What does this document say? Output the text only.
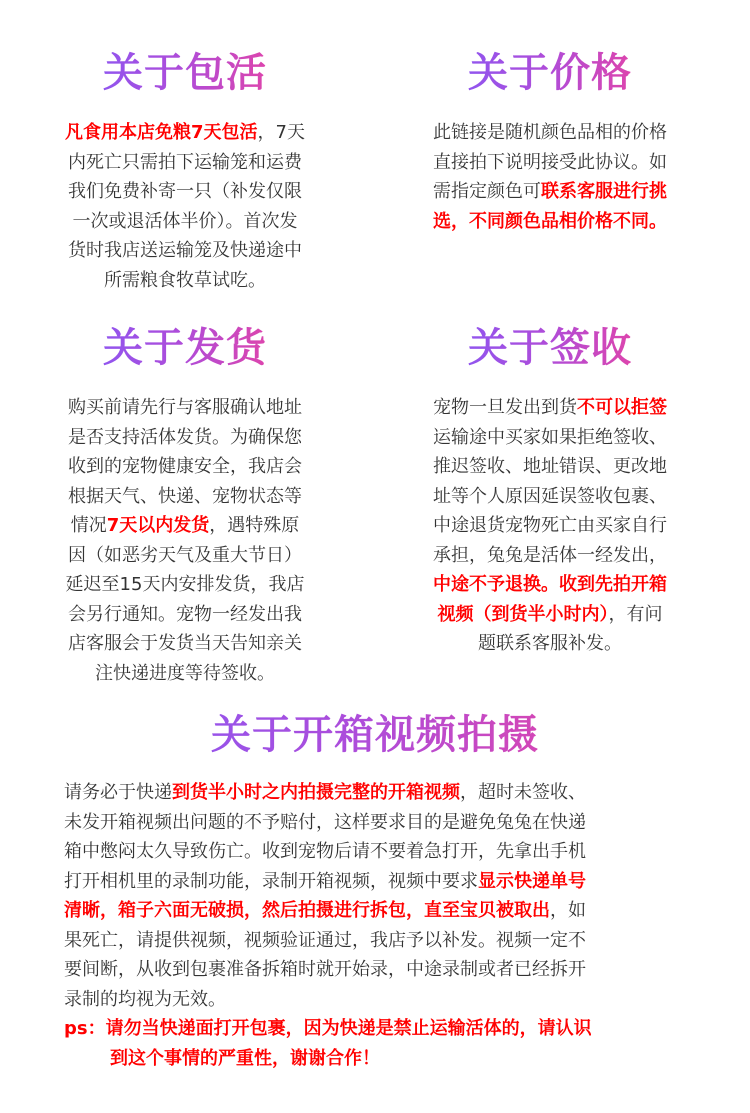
关于包活
凡食用本店免粮7天包活，7天
内死亡只需拍下运输笼和运费
我们免费补寄一只（补发仅限
一次或退活体半价）。首次发
货时我店送运输笼及快递途中
所需粮食牧草试吃。
关于价格
此链接是随机颜色品相的价格
直接拍下说明接受此协议。如
需指定颜色可联系客服进行挑
选，不同颜色品相价格不同。
关于发货
购买前请先行与客服确认地址
是否支持活体发货。为确保您
收到的宠物健康安全，我店会
根据天气、快递、宠物状态等
情况7天以内发货，遇特殊原
因（如恶劣天气及重大节日）
延迟至15天内安排发货，我店
会另行通知。宠物一经发出我
店客服会于发货当天告知亲关
注快递进度等待签收。
关于签收
宠物一旦发出到货不可以拒签
运输途中买家如果拒绝签收、
推迟签收、地址错误、更改地
址等个人原因延误签收包裹、
中途退货宠物死亡由买家自行
承担，兔兔是活体一经发出，
中途不予退换。收到先拍开箱
视频（到货半小时内），有问
题联系客服补发。
关于开箱视频拍摄
请务必于快递到货半小时之内拍摄完整的开箱视频，超时未签收、
未发开箱视频出问题的不予赔付，这样要求目的是避免兔兔在快递
箱中憋闷太久导致伤亡。收到宠物后请不要着急打开，先拿出手机
打开相机里的录制功能，录制开箱视频，视频中要求显示快递单号
清晰，箱子六面无破损，然后拍摄进行拆包，直至宝贝被取出，如
果死亡，请提供视频，视频验证通过，我店予以补发。视频一定不
要间断，从收到包裹准备拆箱时就开始录，中途录制或者已经拆开
录制的均视为无效。
ps：请勿当快递面打开包裹，因为快递是禁止运输活体的，请认识
到这个事情的严重性，谢谢合作！
